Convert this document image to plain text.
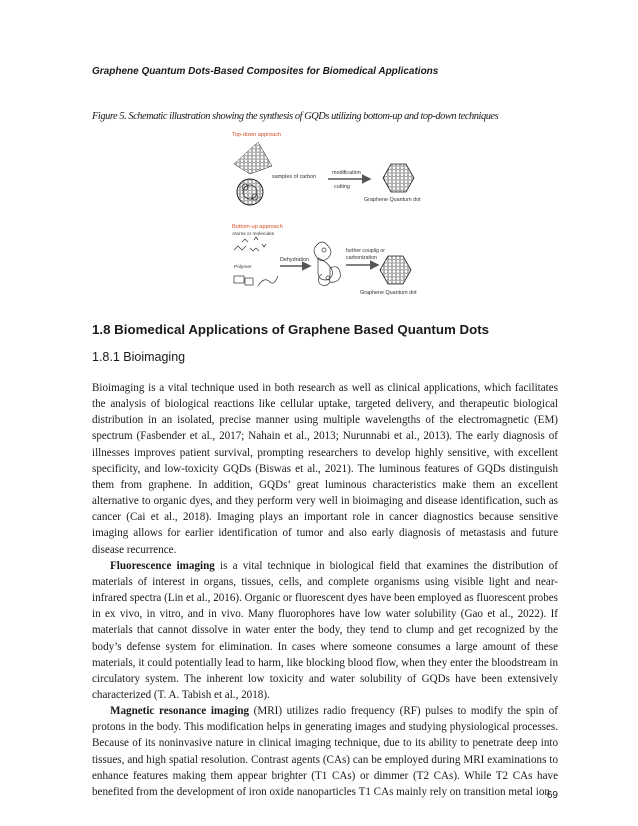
Graphene Quantum Dots-Based Composites for Biomedical Applications
Figure 5. Schematic illustration showing the synthesis of GQDs utilizing bottom-up and top-down techniques
Top-down approach
samples of carbon
modification
cutting
Graphene Quantum dot
Bottom-up approach
Atoms or molecules
Polymer
Dehydration
further couplig or
carbonization
Graphene Quantum dot
1.8 Biomedical Applications of Graphene Based Quantum Dots
1.8.1 Bioimaging

Bioimaging is a vital technique used in both research as well as clinical applications, which facilitates the analysis of biological reactions like cellular uptake, targeted delivery, and therapeutic biological distribution in an isolated, precise manner using multiple wavelengths of the electromagnetic (EM) spectrum (Fasbender et al., 2017; Nahain et al., 2013; Nurunnabi et al., 2013). The early diagnosis of illnesses improves patient survival, prompting researchers to develop highly sensitive, with excellent specificity, and low-toxicity GQDs (Biswas et al., 2021). The luminous features of GQDs distinguish them from graphene. In addition, GQDs’ great luminous characteristics make them an excellent alternative to organic dyes, and they perform very well in bioimaging and disease identification, such as cancer (Cai et al., 2018). Imaging plays an important role in cancer diagnostics because sensitive imaging allows for earlier identification of tumor and also early diagnosis of metastasis and future disease recurrence.

Fluorescence imaging is a vital technique in biological field that examines the distribution of materials of interest in organs, tissues, cells, and complete organisms using visible light and near-infrared spectra (Lin et al., 2016). Organic or fluorescent dyes have been employed as fluorescent probes in ex vivo, in vitro, and in vivo. Many fluorophores have low water solubility (Gao et al., 2022). If materials that cannot dissolve in water enter the body, they tend to clump and get recognized by the body’s defense system for elimination. In cases where someone consumes a large amount of these materials, it could potentially lead to harm, like blocking blood flow, when they enter the bloodstream in circulatory system. The inherent low toxicity and water solubility of GQDs have been extensively characterized (T. A. Tabish et al., 2018).

Magnetic resonance imaging (MRI) utilizes radio frequency (RF) pulses to modify the spin of protons in the body. This modification helps in generating images and studying physiological processes. Because of its noninvasive nature in clinical imaging technique, due to its ability to penetrate deep into tissues, and high spatial resolution. Contrast agents (CAs) can be employed during MRI examinations to enhance features making them appear brighter (T1 CAs) or dimmer (T2 CAs). While T2 CAs have benefited from the development of iron oxide nanoparticles T1 CAs mainly rely on transition metal ion

69
